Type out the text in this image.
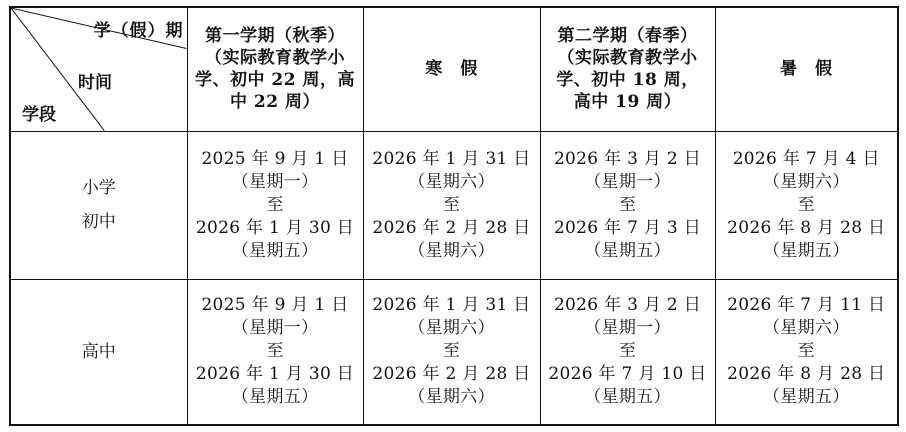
学（假）期
时间
学段	第一学期（秋季）
（实际教育教学小
学、初中 22 周，高
中 22 周）	寒　假	第二学期（春季）
（实际教育教学小
学、初中 18 周，
高中 19 周）	暑　假

小学
初中	2025 年 9 月 1 日
（星期一）
至
2026 年 1 月 30 日
（星期五）	2026 年 1 月 31 日
（星期六）
至
2026 年 2 月 28 日
（星期六）	2026 年 3 月 2 日
（星期一）
至
2026 年 7 月 3 日
（星期五）	2026 年 7 月 4 日
（星期六）
至
2026 年 8 月 28 日
（星期五）

高中	2025 年 9 月 1 日
（星期一）
至
2026 年 1 月 30 日
（星期五）	2026 年 1 月 31 日
（星期六）
至
2026 年 2 月 28 日
（星期六）	2026 年 3 月 2 日
（星期一）
至
2026 年 7 月 10 日
（星期五）	2026 年 7 月 11 日
（星期六）
至
2026 年 8 月 28 日
（星期五）
